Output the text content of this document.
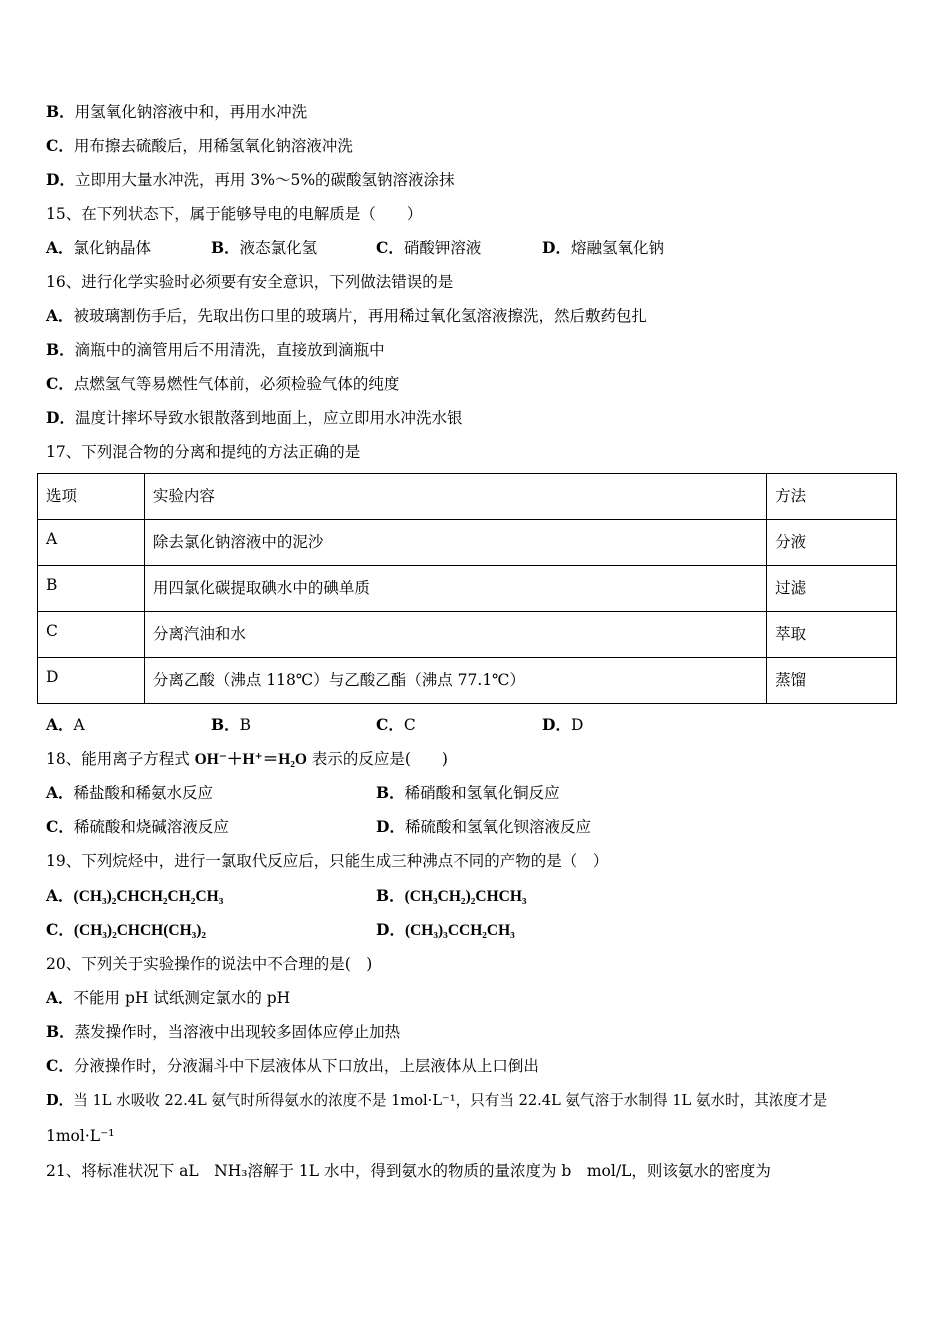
B．用氢氧化钠溶液中和，再用水冲洗
C．用布擦去硫酸后，用稀氢氧化钠溶液冲洗
D．立即用大量水冲洗，再用 3%～5%的碳酸氢钠溶液涂抹
15、在下列状态下，属于能够导电的电解质是（　　）
A．氯化钠晶体	B．液态氯化氢	C．硝酸钾溶液	D．熔融氢氧化钠
16、进行化学实验时必须要有安全意识，下列做法错误的是
A．被玻璃割伤手后，先取出伤口里的玻璃片，再用稀过氧化氢溶液擦洗，然后敷药包扎
B．滴瓶中的滴管用后不用清洗，直接放到滴瓶中
C．点燃氢气等易燃性气体前，必须检验气体的纯度
D．温度计摔坏导致水银散落到地面上，应立即用水冲洗水银
17、下列混合物的分离和提纯的方法正确的是
选项	实验内容	方法
A	除去氯化钠溶液中的泥沙	分液
B	用四氯化碳提取碘水中的碘单质	过滤
C	分离汽油和水	萃取
D	分离乙酸（沸点 118℃）与乙酸乙酯（沸点 77.1℃）	蒸馏
A．A	B．B	C．C	D．D
18、能用离子方程式 OH⁻＋H⁺＝H₂O 表示的反应是(　　)
A．稀盐酸和稀氨水反应	B．稀硝酸和氢氧化铜反应
C．稀硫酸和烧碱溶液反应	D．稀硫酸和氢氧化钡溶液反应
19、下列烷烃中，进行一氯取代反应后，只能生成三种沸点不同的产物的是（　）
A．(CH₃)₂CHCH₂CH₂CH₃	B．(CH₃CH₂)₂CHCH₃
C．(CH₃)₂CHCH(CH₃)₂	D．(CH₃)₃CCH₂CH₃
20、下列关于实验操作的说法中不合理的是(　)
A．不能用 pH 试纸测定氯水的 pH
B．蒸发操作时，当溶液中出现较多固体应停止加热
C．分液操作时，分液漏斗中下层液体从下口放出，上层液体从上口倒出
D．当 1L 水吸收 22.4L 氨气时所得氨水的浓度不是 1mol·L⁻¹，只有当 22.4L 氨气溶于水制得 1L 氨水时，其浓度才是
1mol·L⁻¹
21、将标准状况下 aL　NH₃溶解于 1L 水中，得到氨水的物质的量浓度为 b　mol/L，则该氨水的密度为
